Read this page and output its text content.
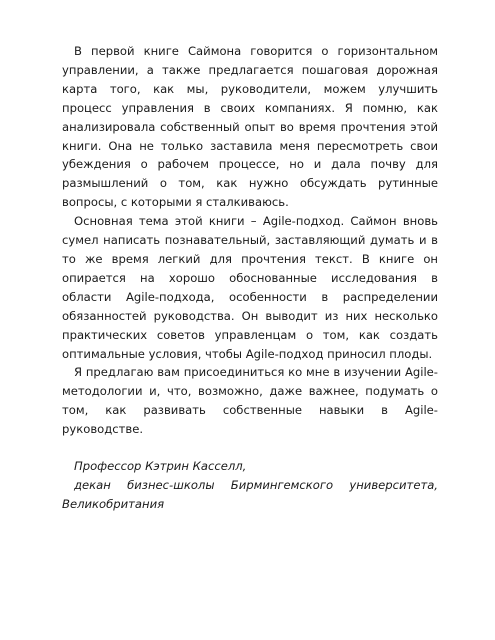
В первой книге Саймона говорится о горизонтальном управлении, а также предлагается пошаговая дорожная карта того, как мы, руководители, можем улучшить процесс управления в своих компаниях. Я помню, как анализировала собственный опыт во время прочтения этой книги. Она не только заставила меня пересмотреть свои убеждения о рабочем процессе, но и дала почву для размышлений о том, как нужно обсуждать рутинные вопросы, с которыми я сталкиваюсь.

Основная тема этой книги – Agile-подход. Саймон вновь сумел написать познавательный, заставляющий думать и в то же время легкий для прочтения текст. В книге он опирается на хорошо обоснованные исследования в области Agile-подхода, особенности в распределении обязанностей руководства. Он выводит из них несколько практических советов управленцам о том, как создать оптимальные условия, чтобы Agile-подход приносил плоды.

Я предлагаю вам присоединиться ко мне в изучении Agile-методологии и, что, возможно, даже важнее, подумать о том, как развивать собственные навыки в Agile-руководстве.

Профессор Кэтрин Касселл,

декан бизнес-школы Бирмингемского университета,

Великобритания
